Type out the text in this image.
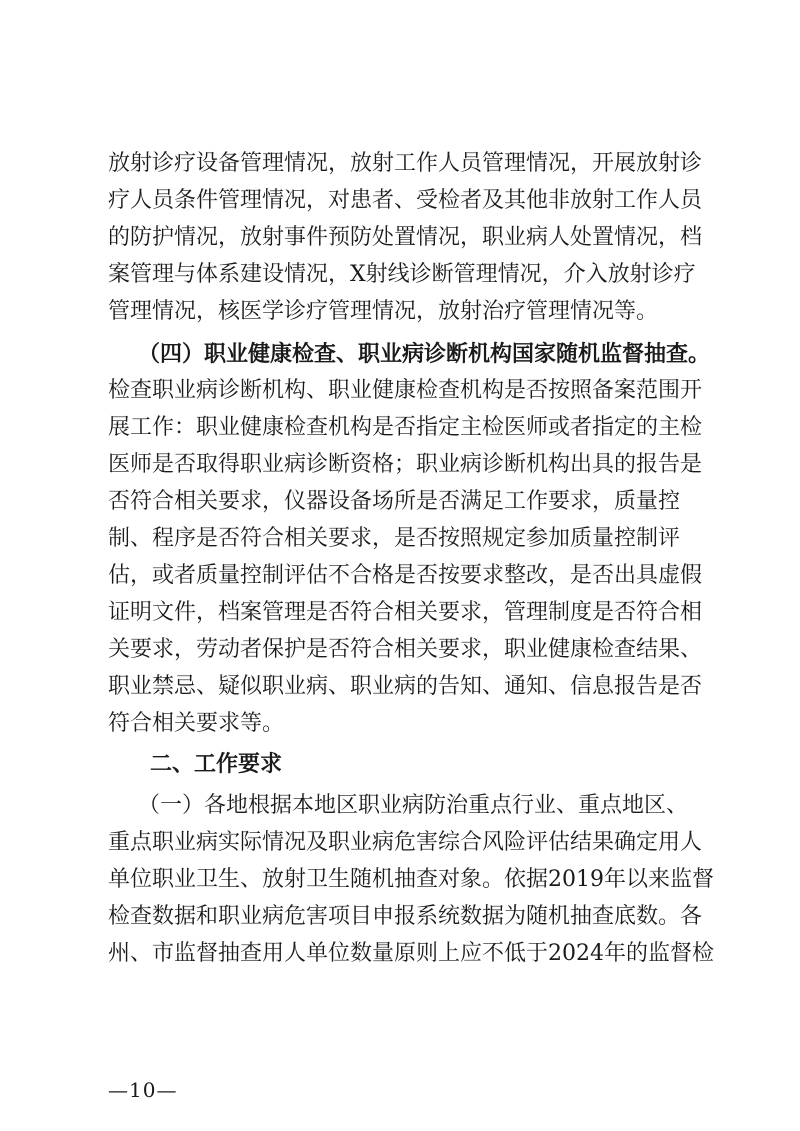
放射诊疗设备管理情况，放射工作人员管理情况，开展放射诊
疗人员条件管理情况，对患者、受检者及其他非放射工作人员
的防护情况，放射事件预防处置情况，职业病人处置情况，档
案管理与体系建设情况，X射线诊断管理情况，介入放射诊疗
管理情况，核医学诊疗管理情况，放射治疗管理情况等。
（四）职业健康检查、职业病诊断机构国家随机监督抽查。
检查职业病诊断机构、职业健康检查机构是否按照备案范围开
展工作：职业健康检查机构是否指定主检医师或者指定的主检
医师是否取得职业病诊断资格；职业病诊断机构出具的报告是
否符合相关要求，仪器设备场所是否满足工作要求，质量控
制、程序是否符合相关要求，是否按照规定参加质量控制评
估，或者质量控制评估不合格是否按要求整改，是否出具虚假
证明文件，档案管理是否符合相关要求，管理制度是否符合相
关要求，劳动者保护是否符合相关要求，职业健康检查结果、
职业禁忌、疑似职业病、职业病的告知、通知、信息报告是否
符合相关要求等。
二、工作要求
（一）各地根据本地区职业病防治重点行业、重点地区、
重点职业病实际情况及职业病危害综合风险评估结果确定用人
单位职业卫生、放射卫生随机抽查对象。依据2019年以来监督
检查数据和职业病危害项目申报系统数据为随机抽查底数。各
州、市监督抽查用人单位数量原则上应不低于2024年的监督检
—10—
